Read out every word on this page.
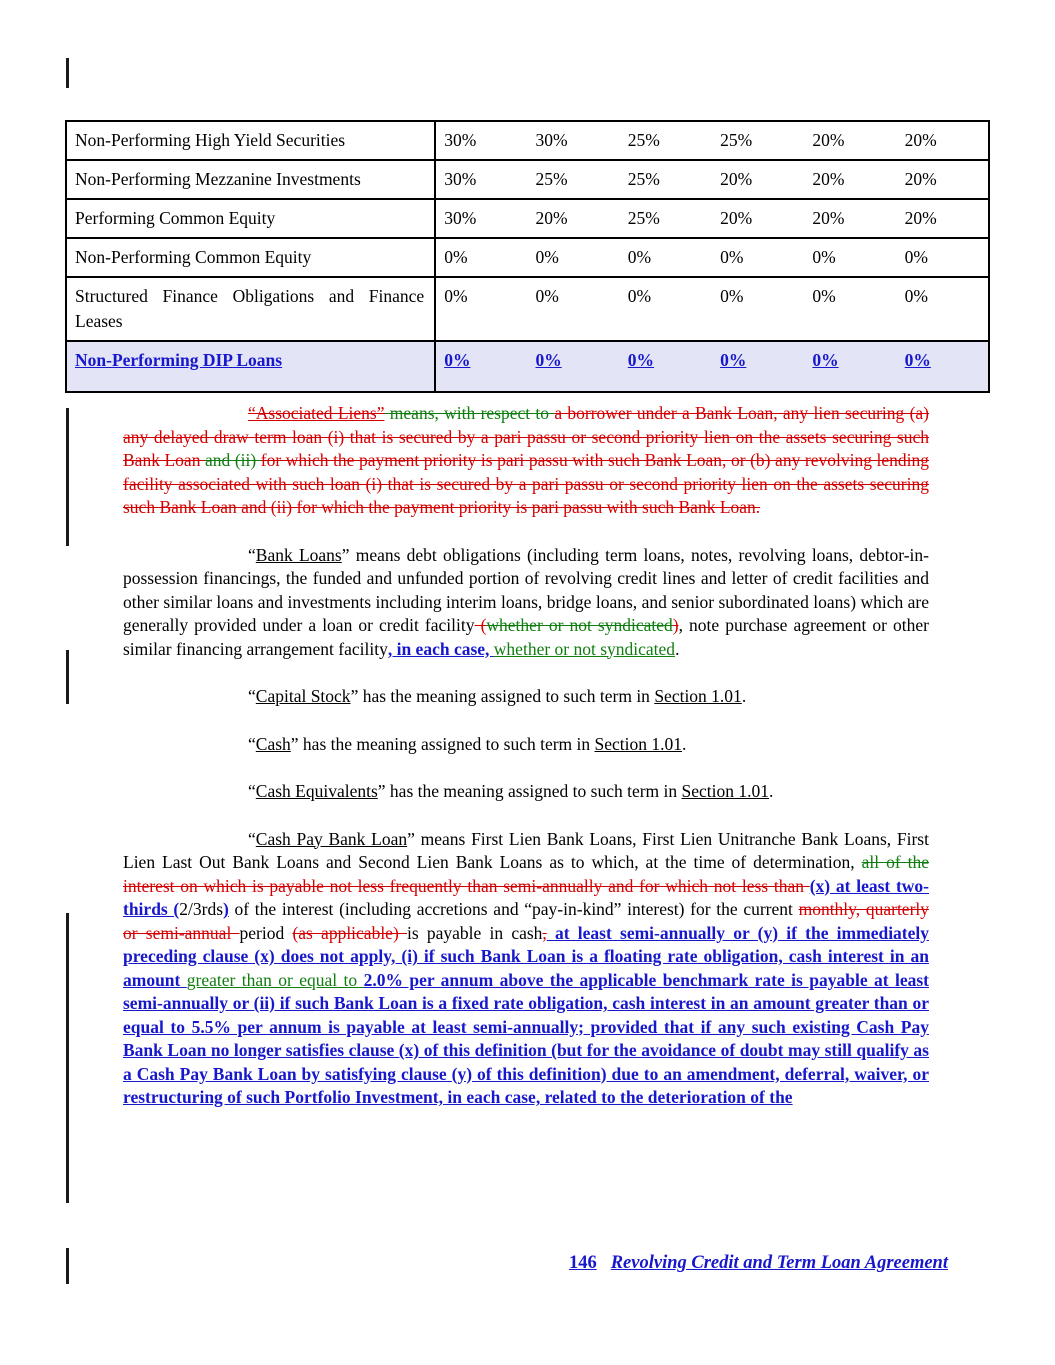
Non-Performing High Yield Securities	30%	30%	25%	25%	20%	20%
Non-Performing Mezzanine Investments	30%	25%	25%	20%	20%	20%
Performing Common Equity	30%	20%	25%	20%	20%	20%
Non-Performing Common Equity	0%	0%	0%	0%	0%	0%
Structured Finance Obligations and Finance Leases	0%	0%	0%	0%	0%	0%
Non-Performing DIP Loans	0%	0%	0%	0%	0%	0%
“Associated Liens” means, with respect to a borrower under a Bank Loan, any lien securing (a) any delayed draw term loan (i) that is secured by a pari passu or second priority lien on the assets securing such Bank Loan and (ii) for which the payment priority is pari passu with such Bank Loan, or (b) any revolving lending facility associated with such loan (i) that is secured by a pari passu or second priority lien on the assets securing such Bank Loan and (ii) for which the payment priority is pari passu with such Bank Loan.
“Bank Loans” means debt obligations (including term loans, notes, revolving loans, debtor-in-possession financings, the funded and unfunded portion of revolving credit lines and letter of credit facilities and other similar loans and investments including interim loans, bridge loans, and senior subordinated loans) which are generally provided under a loan or credit facility (whether or not syndicated), note purchase agreement or other similar financing arrangement facility, in each case, whether or not syndicated.
“Capital Stock” has the meaning assigned to such term in Section 1.01.
“Cash” has the meaning assigned to such term in Section 1.01.
“Cash Equivalents” has the meaning assigned to such term in Section 1.01.
“Cash Pay Bank Loan” means First Lien Bank Loans, First Lien Unitranche Bank Loans, First Lien Last Out Bank Loans and Second Lien Bank Loans as to which, at the time of determination, all of the interest on which is payable not less frequently than semi-annually and for which not less than (x) at least two-thirds (2/3rds) of the interest (including accretions and “pay-in-kind” interest) for the current monthly, quarterly or semi-annual period (as applicable) is payable in cash, at least semi-annually or (y) if the immediately preceding clause (x) does not apply, (i) if such Bank Loan is a floating rate obligation, cash interest in an amount greater than or equal to 2.0% per annum above the applicable benchmark rate is payable at least semi-annually or (ii) if such Bank Loan is a fixed rate obligation, cash interest in an amount greater than or equal to 5.5% per annum is payable at least semi-annually; provided that if any such existing Cash Pay Bank Loan no longer satisfies clause (x) of this definition (but for the avoidance of doubt may still qualify as a Cash Pay Bank Loan by satisfying clause (y) of this definition) due to an amendment, deferral, waiver, or restructuring of such Portfolio Investment, in each case, related to the deterioration of the
146 Revolving Credit and Term Loan Agreement
